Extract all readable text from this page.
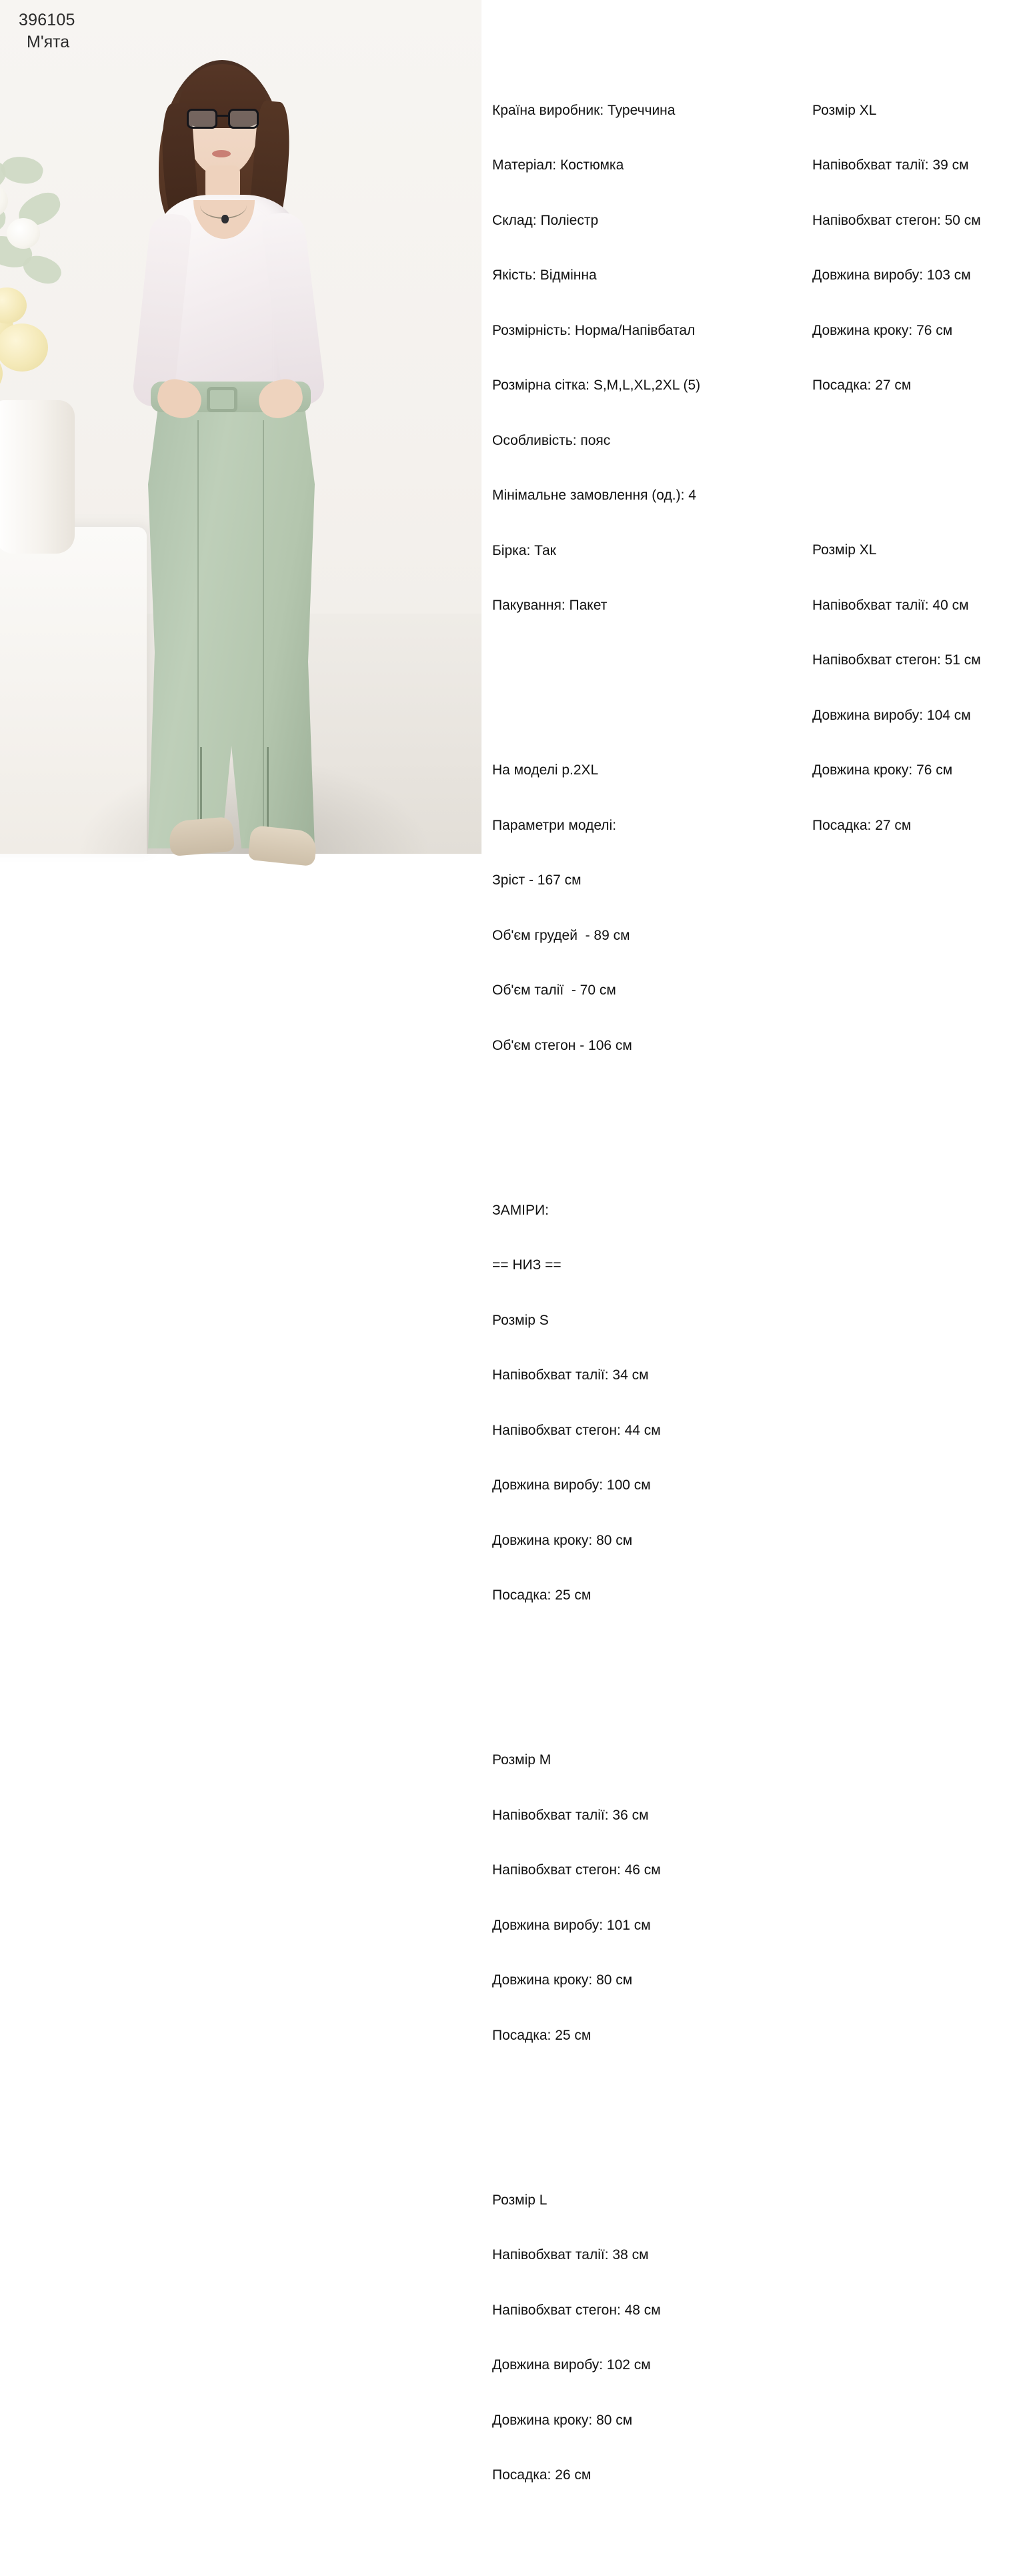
396105
М'ята

Країна виробник: Туреччина

Матеріал: Костюмка

Склад: Поліестр

Якість: Відмінна

Розмірність: Норма/Напівбатал

Розмірна сітка: S,M,L,XL,2XL (5)

Особливість: пояс

Мінімальне замовлення (од.): 4

Бірка: Так

Пакування: Пакет

На моделі р.2XL

Параметри моделі:

Зріст - 167 см

Об'єм грудей  - 89 см

Об'єм талії  - 70 см

Об'єм стегон - 106 см

ЗАМІРИ:

== НИЗ ==

Розмір S

Напівобхват талії: 34 см

Напівобхват стегон: 44 см

Довжина виробу: 100 см

Довжина кроку: 80 см

Посадка: 25 см

Розмір M

Напівобхват талії: 36 см

Напівобхват стегон: 46 см

Довжина виробу: 101 см

Довжина кроку: 80 см

Посадка: 25 см

Розмір L

Напівобхват талії: 38 см

Напівобхват стегон: 48 см

Довжина виробу: 102 см

Довжина кроку: 80 см

Посадка: 26 см

Розмір XL

Напівобхват талії: 39 см

Напівобхват стегон: 50 см

Довжина виробу: 103 см

Довжина кроку: 76 см

Посадка: 27 см

Розмір XL

Напівобхват талії: 40 см

Напівобхват стегон: 51 см

Довжина виробу: 104 см

Довжина кроку: 76 см

Посадка: 27 см
